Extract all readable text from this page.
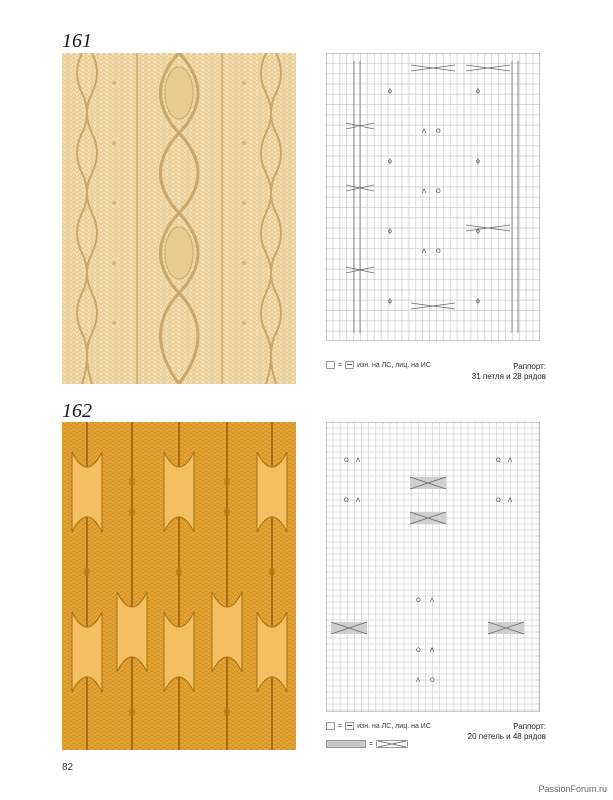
161
ϕ
ϕ
ϕ
ϕ
ϕ
ϕ
ϕ
ϕ
Λ O
Λ O
Λ O
= изн. на ЛС, лиц. на ИС	Раппорт:
31 петля и 28 рядов
162
O Λ
O Λ
O Λ
O Λ
O Λ
O Λ
Λ O
= изн. на ЛС, лиц. на ИС	Раппорт:
20 петель и 48 рядов
=
82
PassionForum.ru
